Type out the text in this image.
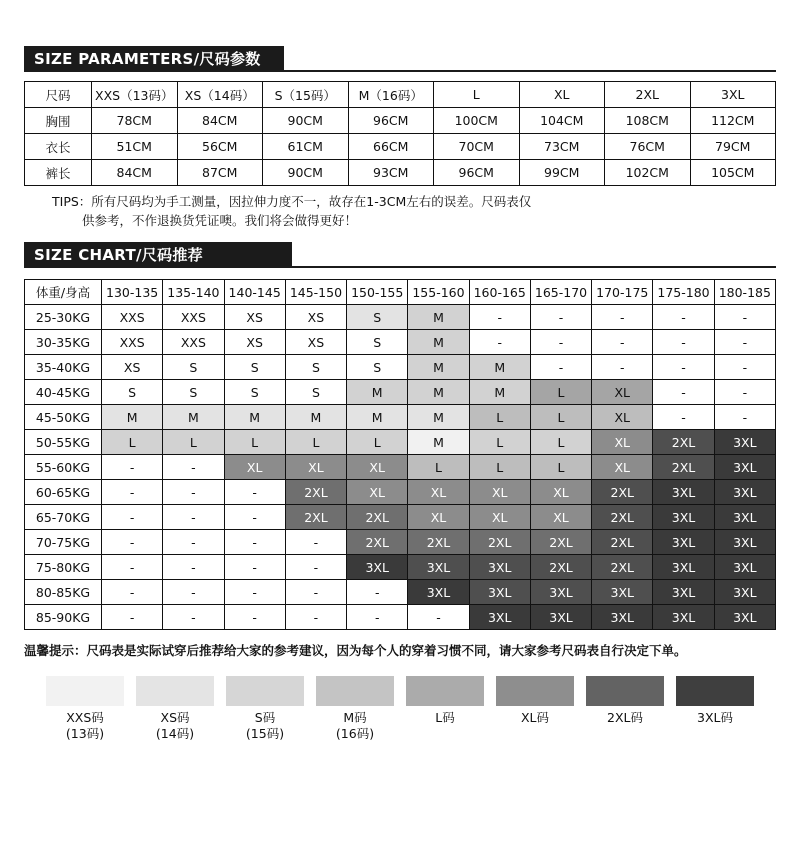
SIZE PARAMETERS/尺码参数
尺码	XXS（13码）	XS（14码）	S（15码）	M（16码）	L	XL	2XL	3XL
胸围	78CM	84CM	90CM	96CM	100CM	104CM	108CM	112CM
衣长	51CM	56CM	61CM	66CM	70CM	73CM	76CM	79CM
裤长	84CM	87CM	90CM	93CM	96CM	99CM	102CM	105CM
TIPS：所有尺码均为手工测量，因拉伸力度不一，故存在1-3CM左右的误差。尺码表仅
供参考，不作退换货凭证噢。我们将会做得更好！
SIZE CHART/尺码推荐
体重/身高	130-135	135-140	140-145	145-150	150-155	155-160	160-165	165-170	170-175	175-180	180-185
25-30KG	XXS	XXS	XS	XS	S	M	-	-	-	-	-
30-35KG	XXS	XXS	XS	XS	S	M	-	-	-	-	-
35-40KG	XS	S	S	S	S	M	M	-	-	-	-
40-45KG	S	S	S	S	M	M	M	L	XL	-	-
45-50KG	M	M	M	M	M	M	L	L	XL	-	-
50-55KG	L	L	L	L	L	M	L	L	XL	2XL	3XL
55-60KG	-	-	XL	XL	XL	L	L	L	XL	2XL	3XL
60-65KG	-	-	-	2XL	XL	XL	XL	XL	2XL	3XL	3XL
65-70KG	-	-	-	2XL	2XL	XL	XL	XL	2XL	3XL	3XL
70-75KG	-	-	-	-	2XL	2XL	2XL	2XL	2XL	3XL	3XL
75-80KG	-	-	-	-	3XL	3XL	3XL	2XL	2XL	3XL	3XL
80-85KG	-	-	-	-	-	3XL	3XL	3XL	3XL	3XL	3XL
85-90KG	-	-	-	-	-	-	3XL	3XL	3XL	3XL	3XL
温馨提示：尺码表是实际试穿后推荐给大家的参考建议，因为每个人的穿着习惯不同，请大家参考尺码表自行决定下单。
XXS码
(13码)
XS码
(14码)
S码
(15码)
M码
(16码)
L码	XL码	2XL码	3XL码
